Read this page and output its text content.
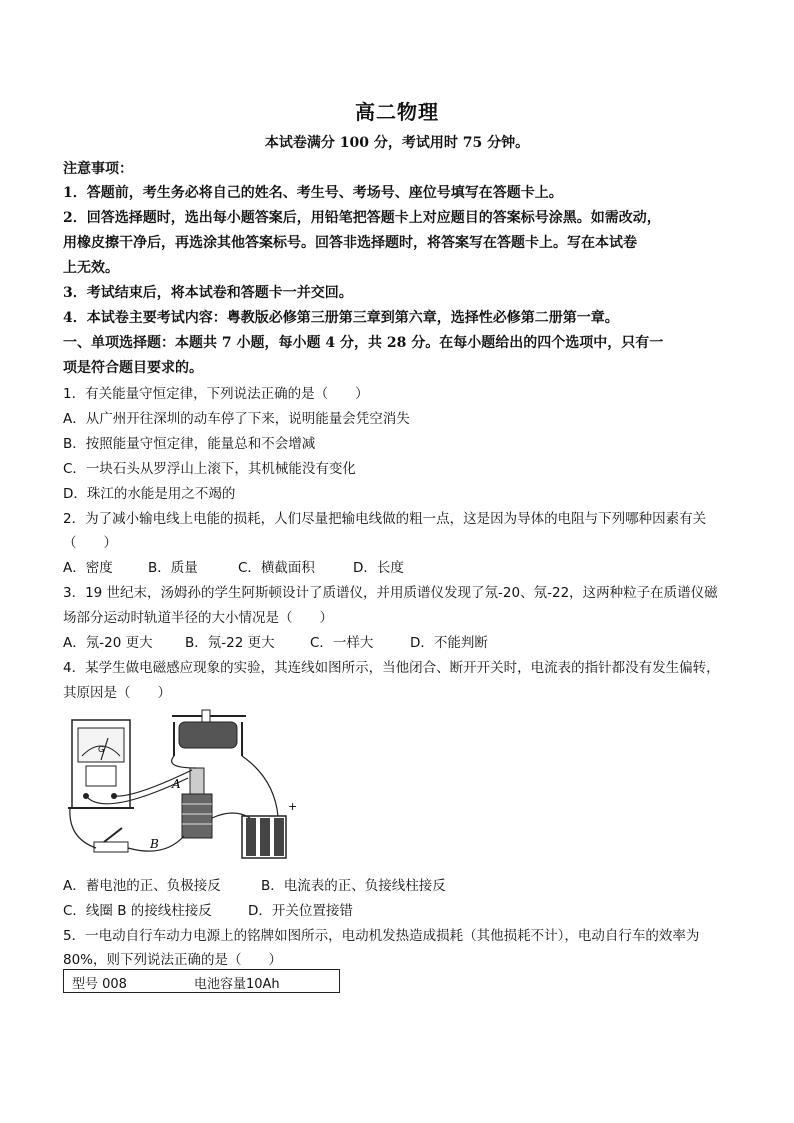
高二物理
本试卷满分 100 分，考试用时 75 分钟。
注意事项：
1．答题前，考生务必将自己的姓名、考生号、考场号、座位号填写在答题卡上。
2．回答选择题时，选出每小题答案后，用铅笔把答题卡上对应题目的答案标号涂黑。如需改动，
用橡皮擦干净后，再选涂其他答案标号。回答非选择题时，将答案写在答题卡上。写在本试卷
上无效。
3．考试结束后，将本试卷和答题卡一并交回。
4．本试卷主要考试内容：粤教版必修第三册第三章到第六章，选择性必修第二册第一章。
一、单项选择题：本题共 7 小题，每小题 4 分，共 28 分。在每小题给出的四个选项中，只有一
项是符合题目要求的。
1．有关能量守恒定律，下列说法正确的是（　　）
A．从广州开往深圳的动车停了下来，说明能量会凭空消失
B．按照能量守恒定律，能量总和不会增减
C．一块石头从罗浮山上滚下，其机械能没有变化
D．珠江的水能是用之不竭的
2．为了减小输电线上电能的损耗，人们尽量把输电线做的粗一点，这是因为导体的电阻与下列哪种因素有关
（　　）
A．密度	B．质量	C．横截面积	D．长度
3．19 世纪末，汤姆孙的学生阿斯顿设计了质谱仪，并用质谱仪发现了氖-20、氖-22，这两种粒子在质谱仪磁
场部分运动时轨道半径的大小情况是（　　）
A．氖-20 更大 B．氖-22 更大	C．一样大	D．不能判断
4．某学生做电磁感应现象的实验，其连线如图所示，当他闭合、断开开关时，电流表的指针都没有发生偏转，
其原因是（　　）
G
+
A
B
A．蓄电池的正、负极接反	B．电流表的正、负接线柱接反
C．线圈 B 的接线柱接反	D．开关位置接错
5．一电动自行车动力电源上的铭牌如图所示，电动机发热造成损耗（其他损耗不计），电动自行车的效率为
80%，则下列说法正确的是（　　）
型号 008	电池容量10Ah
